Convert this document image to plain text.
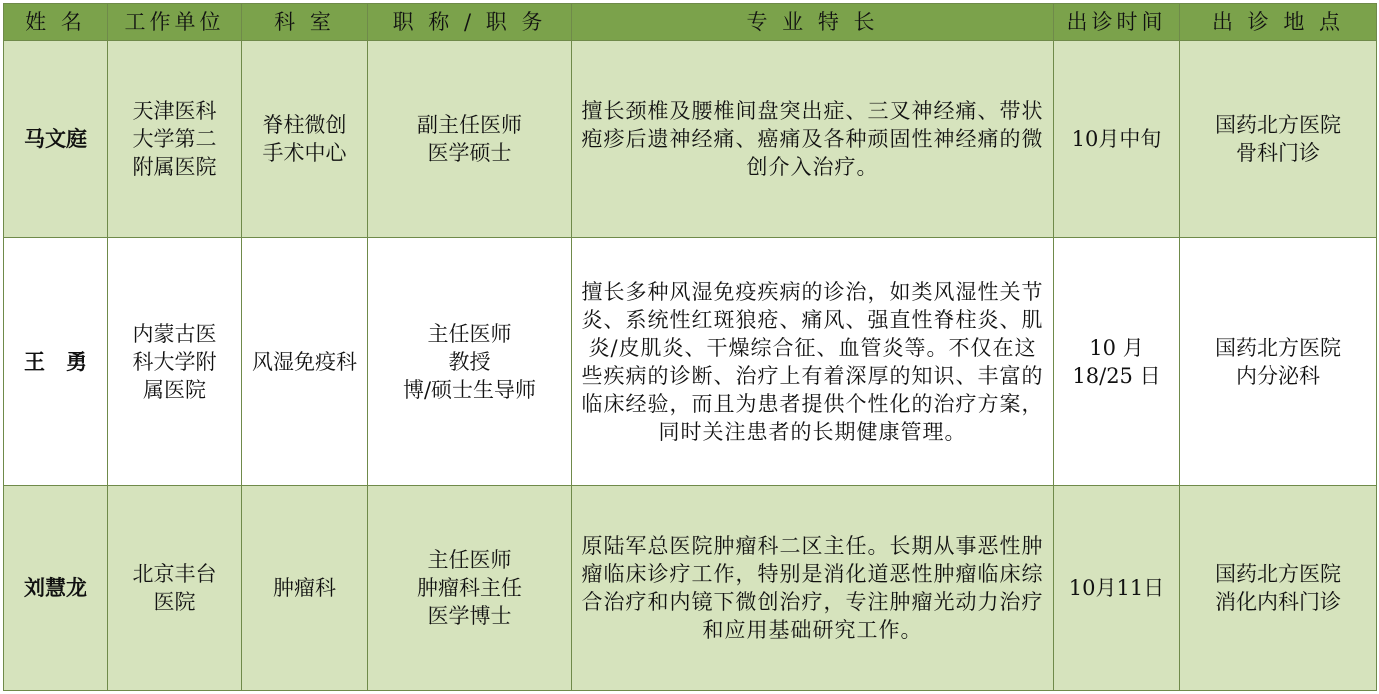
姓 名	工作单位	科 室	职 称 / 职 务	专 业 特 长	出诊时间	出 诊 地 点
马文庭	天津医科
大学第二
附属医院	脊柱微创
手术中心	副主任医师
医学硕士	擅长颈椎及腰椎间盘突出症、三叉神经痛、带状疱疹后遗神经痛、癌痛及各种顽固性神经痛的微创介入治疗。	10月中旬	国药北方医院
骨科门诊

王　勇	内蒙古医
科大学附
属医院	风湿免疫科	主任医师
教授
博/硕士生导师	擅长多种风湿免疫疾病的诊治，如类风湿性关节炎、系统性红斑狼疮、痛风、强直性脊柱炎、肌炎/皮肌炎、干燥综合征、血管炎等。不仅在这些疾病的诊断、治疗上有着深厚的知识、丰富的临床经验，而且为患者提供个性化的治疗方案，同时关注患者的长期健康管理。	10 月
18/25 日	国药北方医院
内分泌科

刘慧龙	北京丰台
医院	肿瘤科	主任医师
肿瘤科主任
医学博士	原陆军总医院肿瘤科二区主任。长期从事恶性肿瘤临床诊疗工作，特别是消化道恶性肿瘤临床综合治疗和内镜下微创治疗，专注肿瘤光动力治疗和应用基础研究工作。	10月11日	国药北方医院
消化内科门诊
